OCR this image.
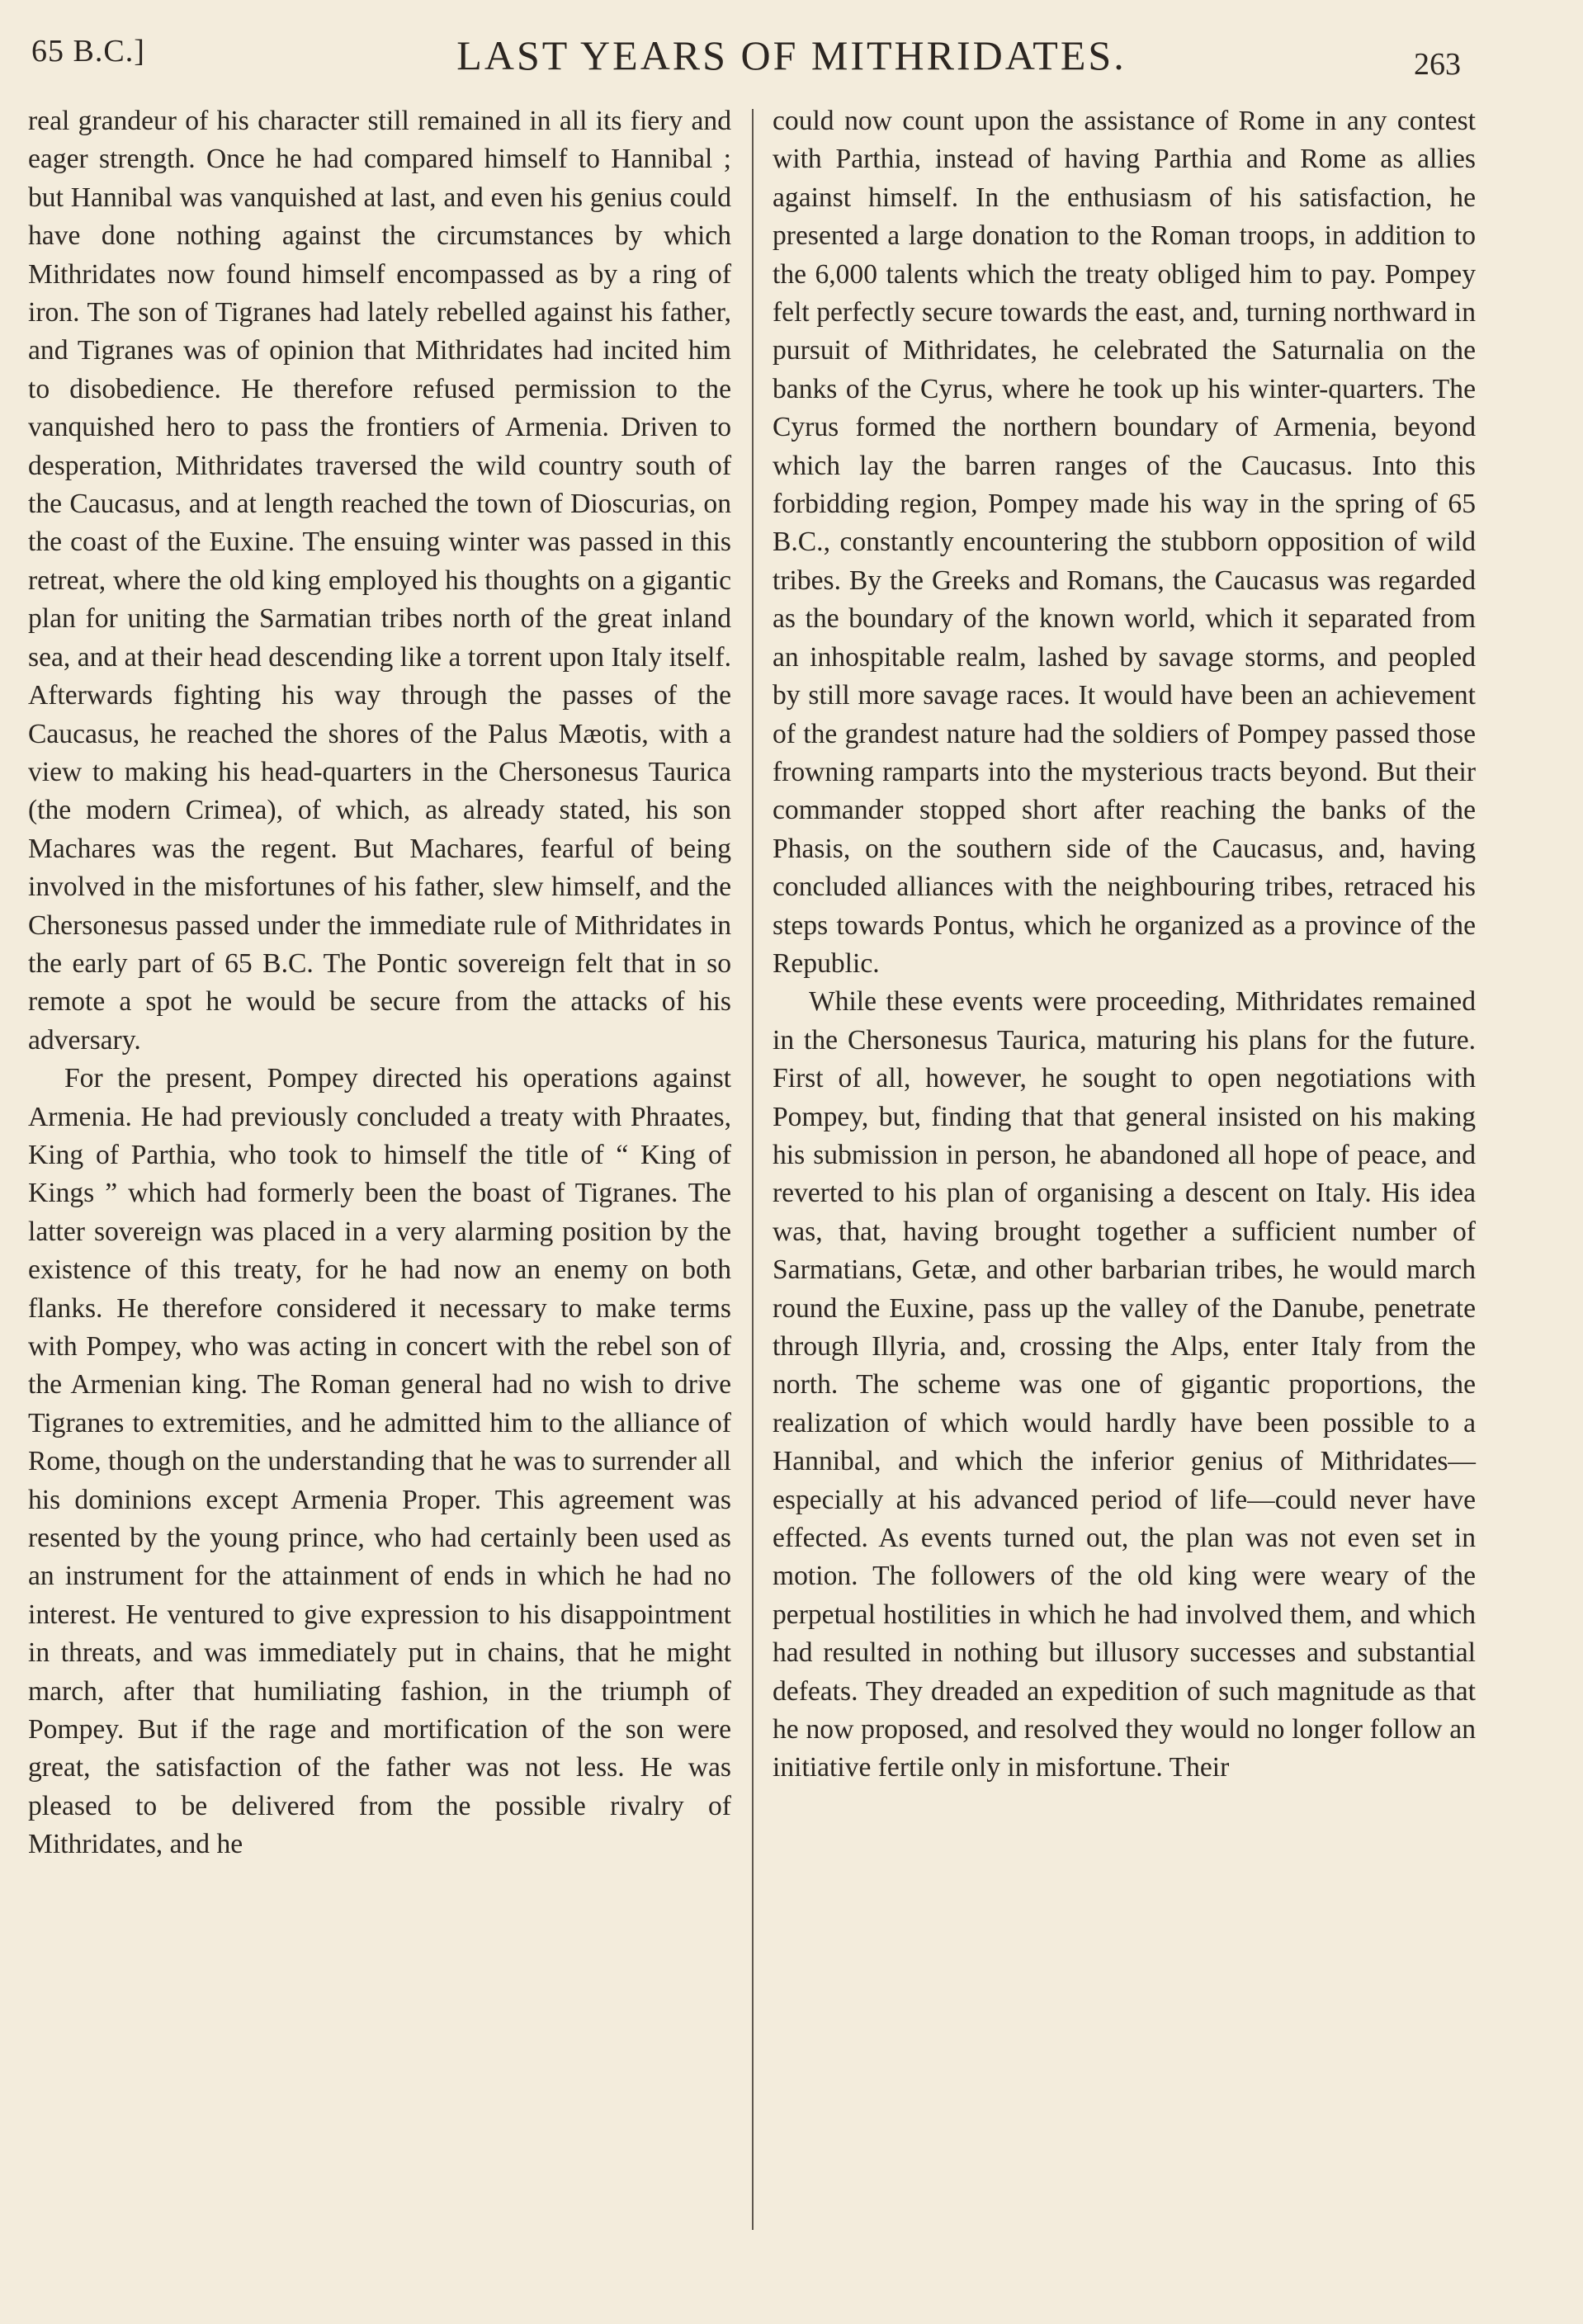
65 B.C.]	LAST YEARS OF MITHRIDATES.	263

real grandeur of his character still remained in all its fiery and eager strength. Once he had compared himself to Hannibal ; but Hannibal was vanquished at last, and even his genius could have done nothing against the circumstances by which Mithridates now found himself encompassed as by a ring of iron. The son of Tigranes had lately rebelled against his father, and Tigranes was of opinion that Mithridates had incited him to disobedience. He therefore refused permission to the vanquished hero to pass the frontiers of Armenia. Driven to desperation, Mithridates traversed the wild country south of the Caucasus, and at length reached the town of Dioscurias, on the coast of the Euxine. The ensuing winter was passed in this retreat, where the old king employed his thoughts on a gigantic plan for uniting the Sarmatian tribes north of the great inland sea, and at their head descending like a torrent upon Italy itself. Afterwards fighting his way through the passes of the Caucasus, he reached the shores of the Palus Mæotis, with a view to making his head-quarters in the Chersonesus Taurica (the modern Crimea), of which, as already stated, his son Machares was the regent. But Machares, fearful of being involved in the misfortunes of his father, slew himself, and the Chersonesus passed under the immediate rule of Mithridates in the early part of 65 B.C. The Pontic sovereign felt that in so remote a spot he would be secure from the attacks of his adversary.

For the present, Pompey directed his operations against Armenia. He had previously concluded a treaty with Phraates, King of Parthia, who took to himself the title of “ King of Kings ” which had formerly been the boast of Tigranes. The latter sovereign was placed in a very alarming position by the existence of this treaty, for he had now an enemy on both flanks. He therefore considered it necessary to make terms with Pompey, who was acting in concert with the rebel son of the Armenian king. The Roman general had no wish to drive Tigranes to extremities, and he admitted him to the alliance of Rome, though on the understanding that he was to surrender all his dominions except Armenia Proper. This agreement was resented by the young prince, who had certainly been used as an instrument for the attainment of ends in which he had no interest. He ventured to give expression to his disappointment in threats, and was immediately put in chains, that he might march, after that humiliating fashion, in the triumph of Pompey. But if the rage and mortification of the son were great, the satisfaction of the father was not less. He was pleased to be delivered from the possible rivalry of Mithridates, and he

could now count upon the assistance of Rome in any contest with Parthia, instead of having Parthia and Rome as allies against himself. In the enthusiasm of his satisfaction, he presented a large donation to the Roman troops, in addition to the 6,000 talents which the treaty obliged him to pay. Pompey felt perfectly secure towards the east, and, turning northward in pursuit of Mithridates, he celebrated the Saturnalia on the banks of the Cyrus, where he took up his winter-quarters. The Cyrus formed the northern boundary of Armenia, beyond which lay the barren ranges of the Caucasus. Into this forbidding region, Pompey made his way in the spring of 65 B.C., constantly encountering the stubborn opposition of wild tribes. By the Greeks and Romans, the Caucasus was regarded as the boundary of the known world, which it separated from an inhospitable realm, lashed by savage storms, and peopled by still more savage races. It would have been an achievement of the grandest nature had the soldiers of Pompey passed those frowning ramparts into the mysterious tracts beyond. But their commander stopped short after reaching the banks of the Phasis, on the southern side of the Caucasus, and, having concluded alliances with the neighbouring tribes, retraced his steps towards Pontus, which he organized as a province of the Republic.

While these events were proceeding, Mithridates remained in the Chersonesus Taurica, maturing his plans for the future. First of all, however, he sought to open negotiations with Pompey, but, finding that that general insisted on his making his submission in person, he abandoned all hope of peace, and reverted to his plan of organising a descent on Italy. His idea was, that, having brought together a sufficient number of Sarmatians, Getæ, and other barbarian tribes, he would march round the Euxine, pass up the valley of the Danube, penetrate through Illyria, and, crossing the Alps, enter Italy from the north. The scheme was one of gigantic proportions, the realization of which would hardly have been possible to a Hannibal, and which the inferior genius of Mithridates—especially at his advanced period of life—could never have effected. As events turned out, the plan was not even set in motion. The followers of the old king were weary of the perpetual hostilities in which he had involved them, and which had resulted in nothing but illusory successes and substantial defeats. They dreaded an expedition of such magnitude as that he now proposed, and resolved they would no longer follow an initiative fertile only in misfortune. Their
